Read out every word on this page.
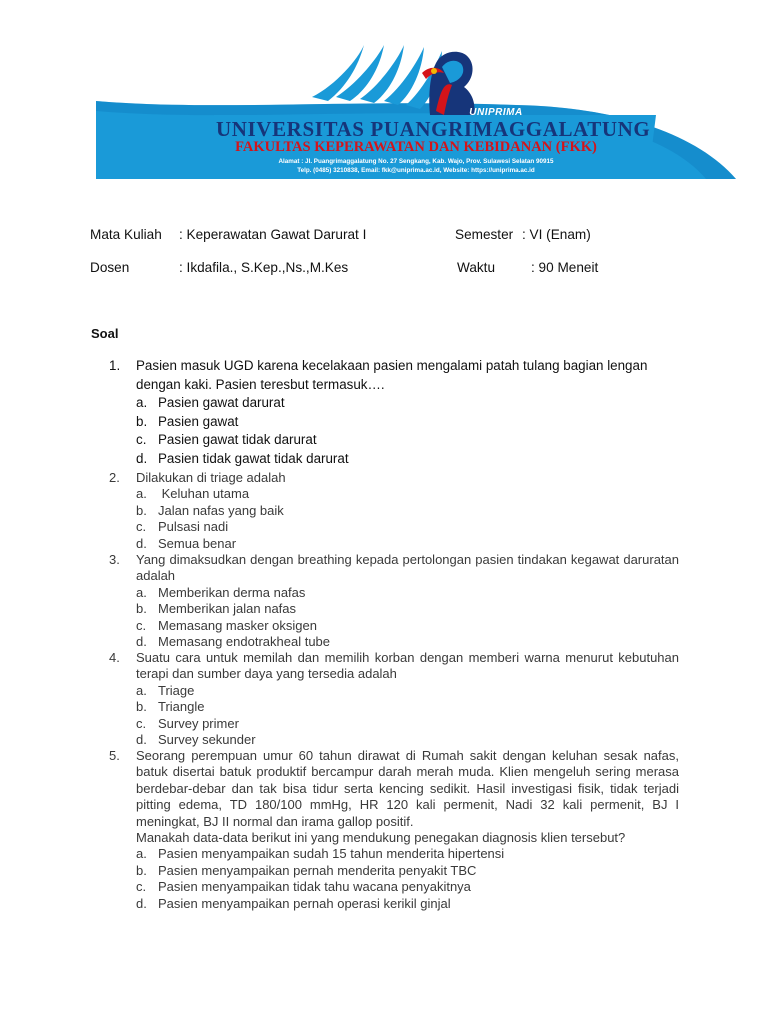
UNIPRIMA
UNIVERSITAS PUANGRIMAGGALATUNG
FAKULTAS KEPERAWATAN DAN KEBIDANAN (FKK)
Alamat : Jl. Puangrimaggalatung No. 27 Sengkang, Kab. Wajo, Prov. Sulawesi Selatan 90915
Telp. (0485) 3210838, Email: fkk@uniprima.ac.id, Website: https://uniprima.ac.id
Mata Kuliah : Keperawatan Gawat Darurat I	Semester : VI (Enam)
Dosen	: Ikdafila., S.Kep.,Ns.,M.Kes	Waktu	: 90 Meneit
Soal
1.	Pasien masuk UGD karena kecelakaan pasien mengalami patah tulang bagian lengan dengan kaki. Pasien teresbut termasuk….
a. Pasien gawat darurat
b. Pasien gawat
c. Pasien gawat tidak darurat
d. Pasien tidak gawat tidak darurat
2.	Dilakukan di triage adalah
a. Keluhan utama
b. Jalan nafas yang baik
c. Pulsasi nadi
d. Semua benar
3.	Yang dimaksudkan dengan breathing kepada pertolongan pasien tindakan kegawat daruratan adalah
a. Memberikan derma nafas
b. Memberikan jalan nafas
c. Memasang masker oksigen
d. Memasang endotrakheal tube
4.	Suatu cara untuk memilah dan memilih korban dengan memberi warna menurut kebutuhan terapi dan sumber daya yang tersedia adalah
a. Triage
b. Triangle
c. Survey primer
d. Survey sekunder
5.	Seorang perempuan umur 60 tahun dirawat di Rumah sakit dengan keluhan sesak nafas, batuk disertai batuk produktif bercampur darah merah muda. Klien mengeluh sering merasa berdebar-debar dan tak bisa tidur serta kencing sedikit. Hasil investigasi fisik, tidak terjadi pitting edema, TD 180/100 mmHg, HR 120 kali permenit, Nadi 32 kali permenit, BJ I meningkat, BJ II normal dan irama gallop positif.
Manakah data-data berikut ini yang mendukung penegakan diagnosis klien tersebut?
a. Pasien menyampaikan sudah 15 tahun menderita hipertensi
b. Pasien menyampaikan pernah menderita penyakit TBC
c. Pasien menyampaikan tidak tahu wacana penyakitnya
d. Pasien menyampaikan pernah operasi kerikil ginjal
